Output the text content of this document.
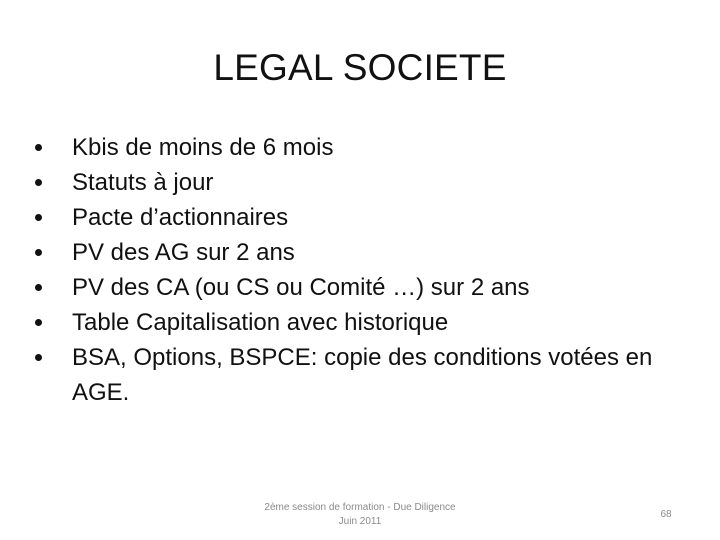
LEGAL SOCIETE
Kbis de moins de 6 mois
Statuts à jour
Pacte d’actionnaires
PV des AG sur 2 ans
PV des CA (ou CS ou Comité …) sur 2 ans
Table Capitalisation avec historique
BSA, Options, BSPCE: copie des conditions votées en AGE.
2ème session de formation - Due Diligence
Juin 2011
68
